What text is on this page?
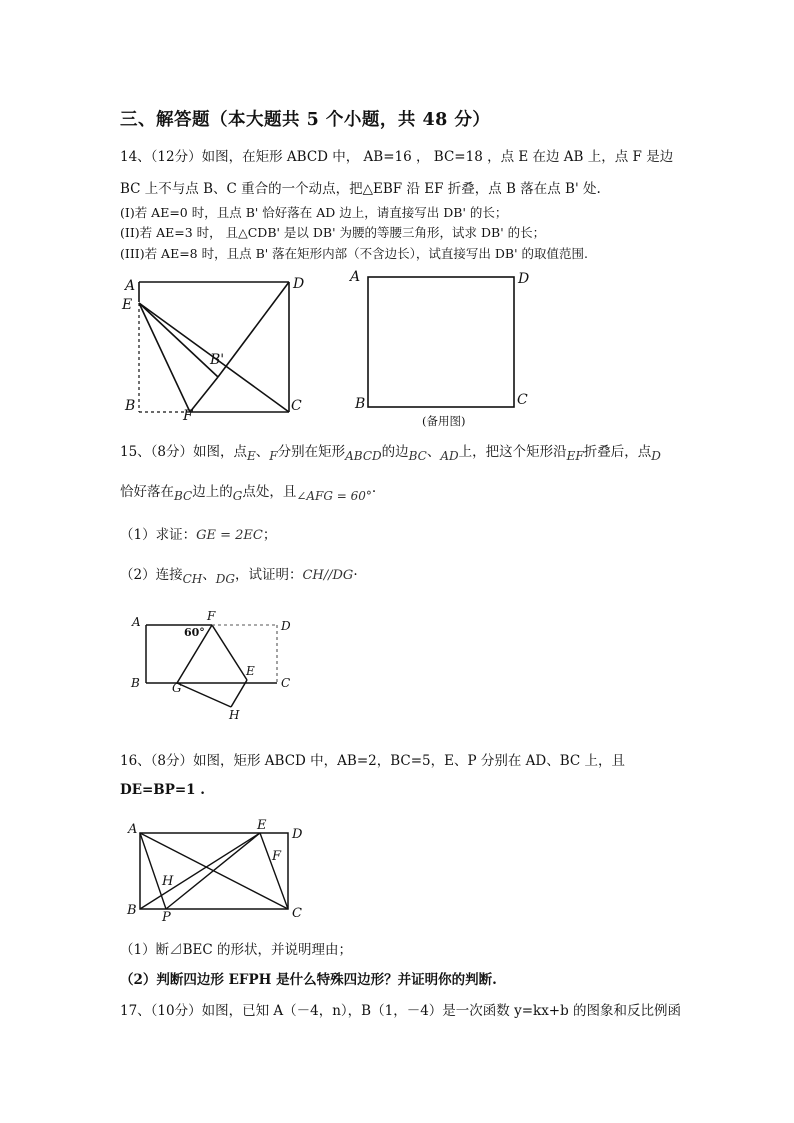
三、解答题（本大题共 5 个小题，共 48 分）
14、（12分）如图，在矩形 ABCD 中， AB=16 ， BC=18 ，点 E 在边 AB 上，点 F 是边
BC 上不与点 B、C 重合的一个动点，把△EBF 沿 EF 折叠，点 B 落在点 B' 处.
(I)若 AE=0 时，且点 B' 恰好落在 AD 边上，请直接写出 DB' 的长；
(II)若 AE=3 时， 且△CDB' 是以 DB' 为腰的等腰三角形，试求 DB' 的长；
(III)若 AE=8 时，且点 B' 落在矩形内部（不含边长），试直接写出 DB' 的取值范围.
A	D
E
B'
B
F
C
A	D
B	C
(备用图)
15、（8分）如图，点E、F分别在矩形ABCD的边BC、AD上，把这个矩形沿EF折叠后，点D
恰好落在BC边上的G点处，且∠AFG = 60°·
（1）求证：GE = 2EC；
（2）连接CH、DG，试证明：CH//DG·
A	F
D
E
B	G	C
H
60°
16、（8分）如图，矩形 ABCD 中，AB=2，BC=5，E、P 分别在 AD、BC 上，且
DE=BP=1 .
A	E
D
F
H
B P	C
（1）断⊿BEC 的形状，并说明理由；
（2）判断四边形 EFPH 是什么特殊四边形？并证明你的判断.
17、（10分）如图，已知 A（－4，n），B（1，－4）是一次函数 y=kx+b 的图象和反比例函
